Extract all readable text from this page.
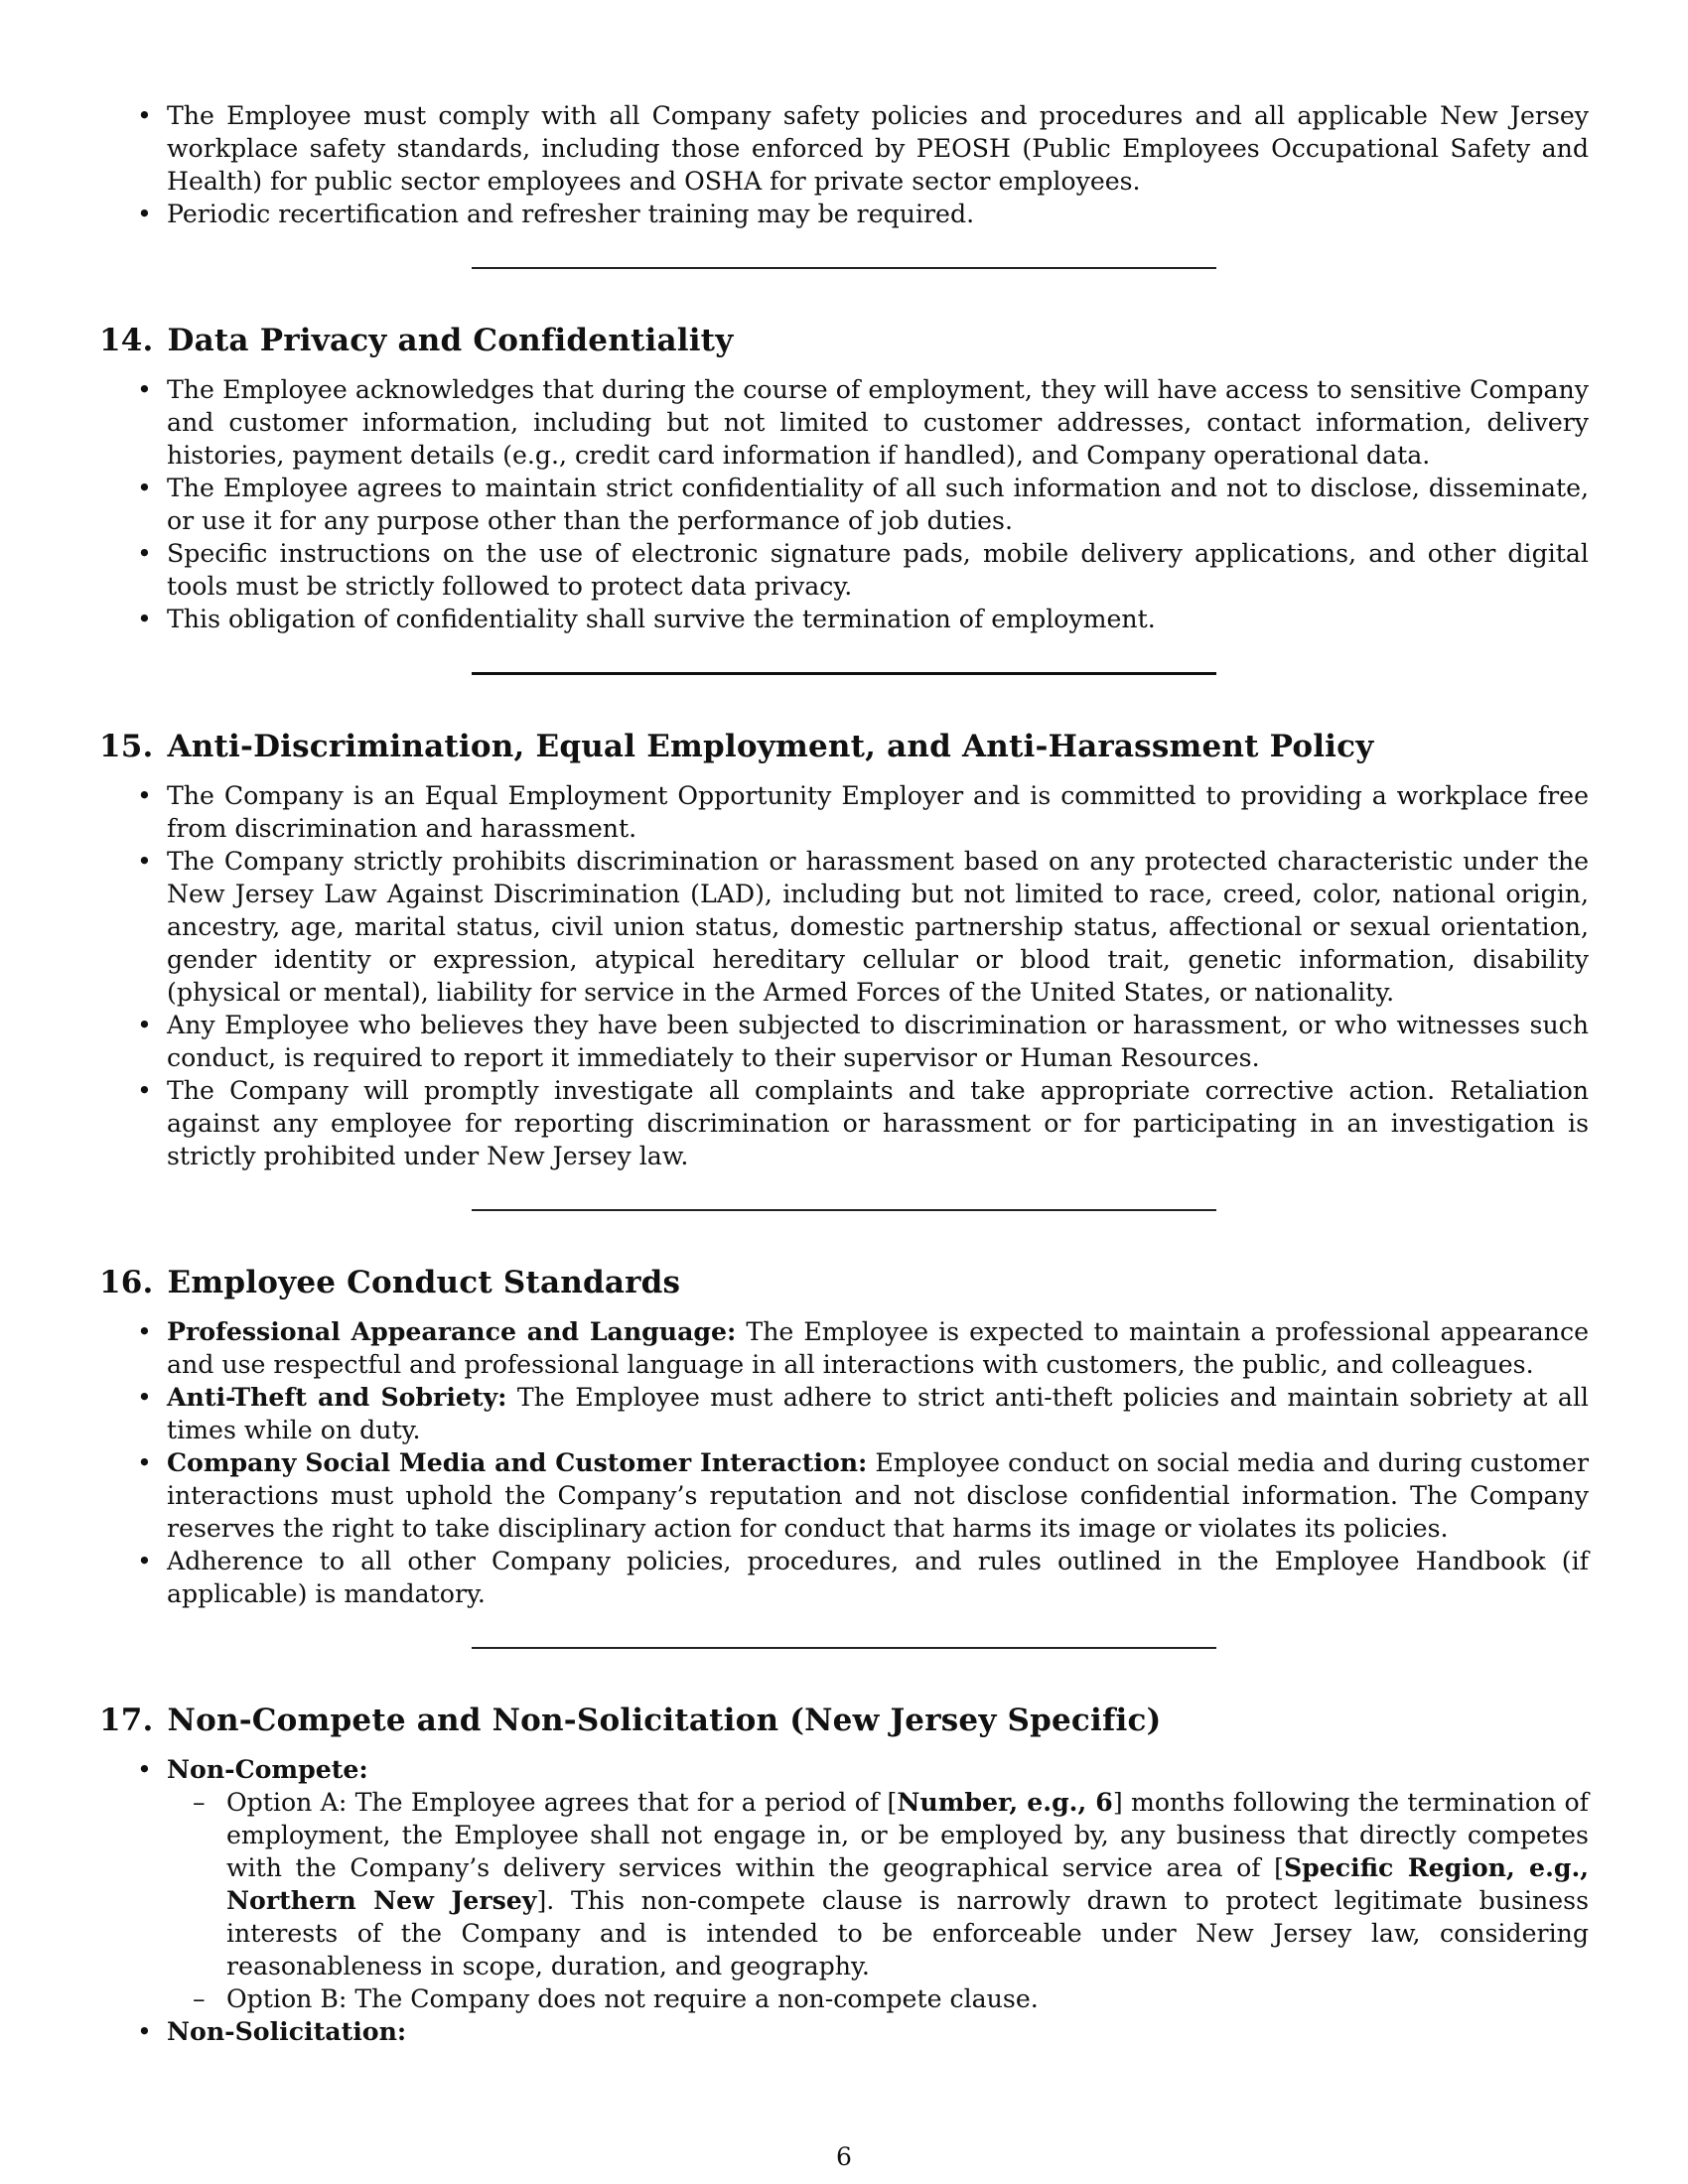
• The Employee must comply with all Company safety policies and procedures and all applicable New Jersey workplace safety standards, including those enforced by PEOSH (Public Employees Occupational Safety and Health) for public sector employees and OSHA for private sector employees.
• Periodic recertification and refresher training may be required.
14. Data Privacy and Confidentiality
• The Employee acknowledges that during the course of employment, they will have access to sensitive Company and customer information, including but not limited to customer addresses, contact information, delivery histories, payment details (e.g., credit card information if handled), and Company operational data.
• The Employee agrees to maintain strict confidentiality of all such information and not to disclose, disseminate, or use it for any purpose other than the performance of job duties.
• Specific instructions on the use of electronic signature pads, mobile delivery applications, and other digital tools must be strictly followed to protect data privacy.
• This obligation of confidentiality shall survive the termination of employment.
15. Anti-Discrimination, Equal Employment, and Anti-Harassment Policy
• The Company is an Equal Employment Opportunity Employer and is committed to providing a workplace free from discrimination and harassment.
• The Company strictly prohibits discrimination or harassment based on any protected characteristic under the New Jersey Law Against Discrimination (LAD), including but not limited to race, creed, color, national origin, ancestry, age, marital status, civil union status, domestic partnership status, affectional or sexual orientation, gender identity or expression, atypical hereditary cellular or blood trait, genetic information, disability (physical or mental), liability for service in the Armed Forces of the United States, or nationality.
• Any Employee who believes they have been subjected to discrimination or harassment, or who witnesses such conduct, is required to report it immediately to their supervisor or Human Resources.
• The Company will promptly investigate all complaints and take appropriate corrective action. Retaliation against any employee for reporting discrimination or harassment or for participating in an investigation is strictly prohibited under New Jersey law.
16. Employee Conduct Standards
• Professional Appearance and Language: The Employee is expected to maintain a professional appearance and use respectful and professional language in all interactions with customers, the public, and colleagues.
• Anti-Theft and Sobriety: The Employee must adhere to strict anti-theft policies and maintain sobriety at all times while on duty.
• Company Social Media and Customer Interaction: Employee conduct on social media and during customer interactions must uphold the Company’s reputation and not disclose confidential information. The Company reserves the right to take disciplinary action for conduct that harms its image or violates its policies.
• Adherence to all other Company policies, procedures, and rules outlined in the Employee Handbook (if applicable) is mandatory.
17. Non-Compete and Non-Solicitation (New Jersey Specific)
• Non-Compete:
– Option A: The Employee agrees that for a period of [Number, e.g., 6] months following the termination of employment, the Employee shall not engage in, or be employed by, any business that directly competes with the Company’s delivery services within the geographical service area of [Specific Region, e.g., Northern New Jersey]. This non-compete clause is narrowly drawn to protect legitimate business interests of the Company and is intended to be enforceable under New Jersey law, considering reasonableness in scope, duration, and geography.
– Option B: The Company does not require a non-compete clause.
• Non-Solicitation:
6
